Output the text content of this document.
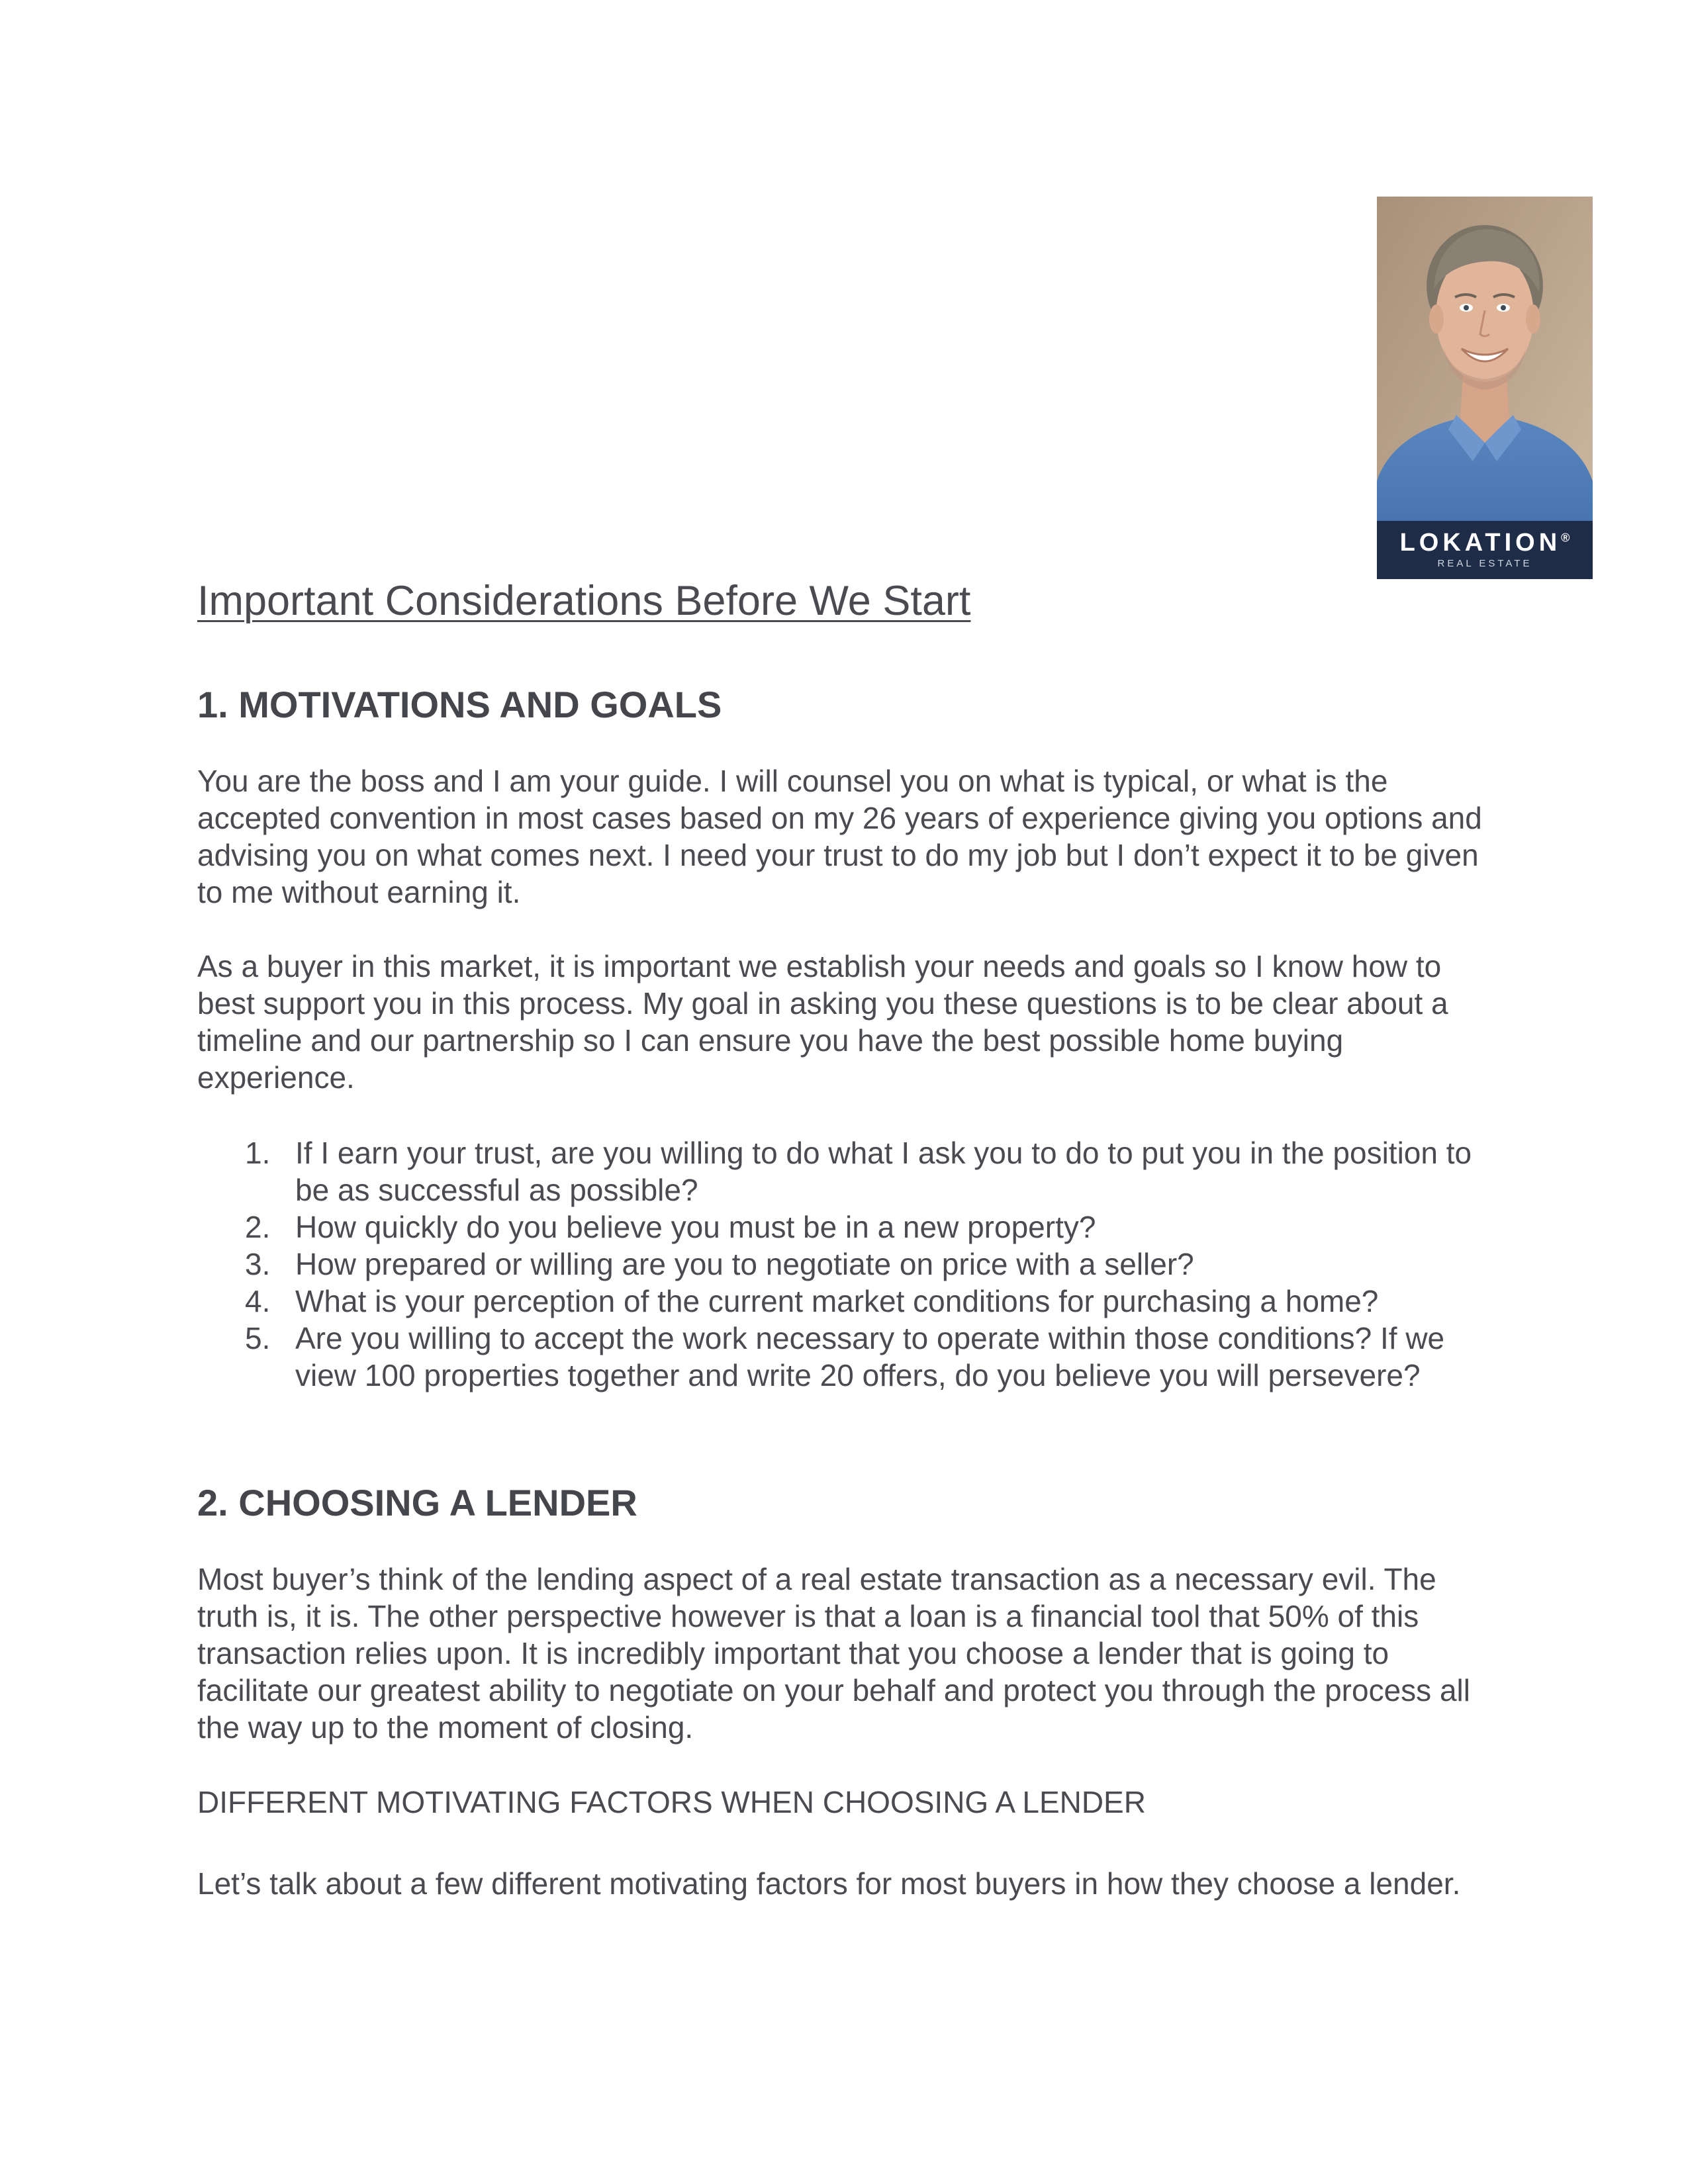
LOKATION®
REAL ESTATE
Important Considerations Before We Start
1. MOTIVATIONS AND GOALS

You are the boss and I am your guide. I will counsel you on what is typical, or what is the accepted convention in most cases based on my 26 years of experience giving you options and advising you on what comes next. I need your trust to do my job but I don’t expect it to be given to me without earning it.

As a buyer in this market, it is important we establish your needs and goals so I know how to best support you in this process. My goal in asking you these questions is to be clear about a timeline and our partnership so I can ensure you have the best possible home buying experience.

1. If I earn your trust, are you willing to do what I ask you to do to put you in the position to be as successful as possible?
2. How quickly do you believe you must be in a new property?
3. How prepared or willing are you to negotiate on price with a seller?
4. What is your perception of the current market conditions for purchasing a home?
5. Are you willing to accept the work necessary to operate within those conditions? If we view 100 properties together and write 20 offers, do you believe you will persevere?
2. CHOOSING A LENDER

Most buyer’s think of the lending aspect of a real estate transaction as a necessary evil. The truth is, it is. The other perspective however is that a loan is a financial tool that 50% of this transaction relies upon. It is incredibly important that you choose a lender that is going to facilitate our greatest ability to negotiate on your behalf and protect you through the process all the way up to the moment of closing.

DIFFERENT MOTIVATING FACTORS WHEN CHOOSING A LENDER

Let’s talk about a few different motivating factors for most buyers in how they choose a lender.
